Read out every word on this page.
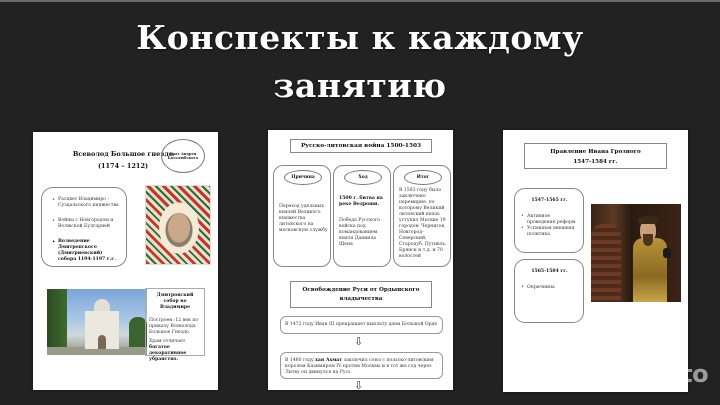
Конспекты к каждому
занятию
Всеволод Большое гнездо
(1174 – 1212)
Брат Андрея Боголюбского
• Расцвет Владимиро - Суздальского княжества
• Войны с Новгородом и Волжской Булгарией
• Возведение Дмитровского (Дмитриевский) собора 1194-1197 г.г.
Дмитровский собор во Владимире

Построен: 12 век по приказу Всеволода Большое Гнездо.

Храм отличает богатое декоративное убранство.

Русско-литовская война 1500-1503
Причина
Переход удельных князей Великого княжества литовского на московскую службу
Ход
1500 г. битва на реке Ведроши.
Победа Русского войска под командованием князя Даниила Щеня
Итог
В 1503 году было заключено перемирие, по которому Великий литовский князь уступил Москве 19 городов: Чернигов, Новгород-Северский, Стародуб, Путивль, Брянск и т.д. и 70 волостей
Освобождение Руси от Ордынского владычества
В 1472 году Иван III прекращает выплату дани Большой Орде
⇩
В 1480 году хан Ахмат заключил союз с польско-литовским королем Казимиром IV против Москвы и в тот же год через Литву он двинулся на Русь
⇩
Правление Ивана Грозного
1547-1584 гг.
1547-1565 гг.
• Активное проведение реформ
• Успешная внешняя политика
1565-1584 гг.
• Опричнина
Avito
